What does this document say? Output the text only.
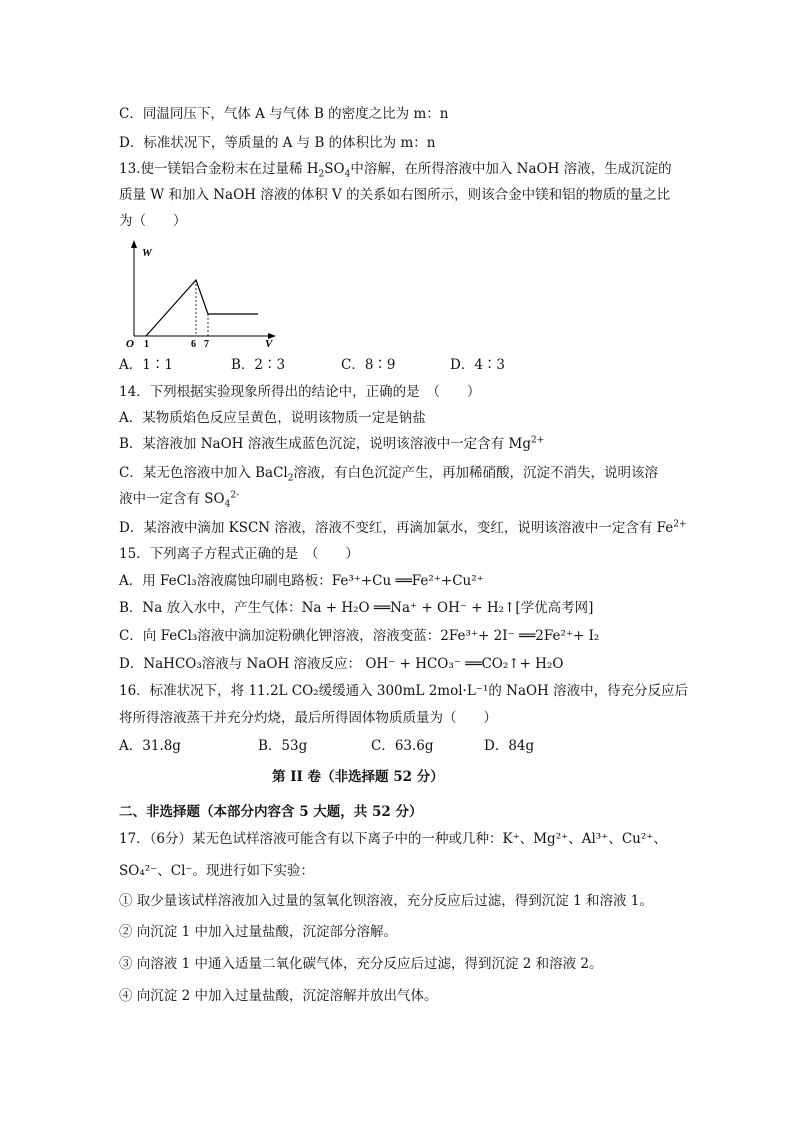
C．同温同压下，气体 A 与气体 B 的密度之比为 m：n
D．标准状况下，等质量的 A 与 B 的体积比为 m：n
13.使一镁铝合金粉末在过量稀 $H_2SO_4$中溶解，在所得溶液中加入 NaOH 溶液，生成沉淀的
质量 W 和加入 NaOH 溶液的体积 V 的关系如右图所示，则该合金中镁和铝的物质的量之比
为（　　）
W
V
O 1	6 7
A．1∶1	B．2∶3	C．8∶9	D．4∶3
14．下列根据实验现象所得出的结论中，正确的是　（　　）
A．某物质焰色反应呈黄色，说明该物质一定是钠盐
B．某溶液加 NaOH 溶液生成蓝色沉淀，说明该溶液中一定含有 $Mg^{2+}$
C．某无色溶液中加入 BaCl$_2$溶液，有白色沉淀产生，再加稀硝酸，沉淀不消失，说明该溶
液中一定含有 $SO_4^{2-}$
D．某溶液中滴加 KSCN 溶液，溶液不变红，再滴加氯水，变红，说明该溶液中一定含有 $Fe^{2+}$
15．下列离子方程式正确的是　（　　）
A．用 FeCl₃溶液腐蚀印刷电路板：Fe³⁺+Cu ══Fe²⁺+Cu²⁺
B．Na 放入水中，产生气体：Na + H₂O ══Na⁺ + OH⁻ + H₂↑[学优高考网]
C．向 FeCl₃溶液中滴加淀粉碘化钾溶液，溶液变蓝：2Fe³⁺+ 2I⁻ ══2Fe²⁺+ I₂
D．NaHCO₃溶液与 NaOH 溶液反应： OH⁻ + HCO₃⁻ ══CO₂↑+ H₂O
16．标准状况下，将 11.2L CO₂缓缓通入 300mL 2mol·L⁻¹的 NaOH 溶液中，待充分反应后
将所得溶液蒸干并充分灼烧，最后所得固体物质质量为（　　）
A．31.8g	B．53g	C．63.6g	D．84g
第 II 卷（非选择题 52 分）
二、非选择题（本部分内容含 5 大题，共 52 分）
17．（6分）某无色试样溶液可能含有以下离子中的一种或几种：K⁺、Mg²⁺、Al³⁺、Cu²⁺、
SO₄²⁻、Cl⁻。现进行如下实验：
① 取少量该试样溶液加入过量的氢氧化钡溶液，充分反应后过滤，得到沉淀 1 和溶液 1。
② 向沉淀 1 中加入过量盐酸，沉淀部分溶解。
③ 向溶液 1 中通入适量二氧化碳气体，充分反应后过滤，得到沉淀 2 和溶液 2。
④ 向沉淀 2 中加入过量盐酸，沉淀溶解并放出气体。
